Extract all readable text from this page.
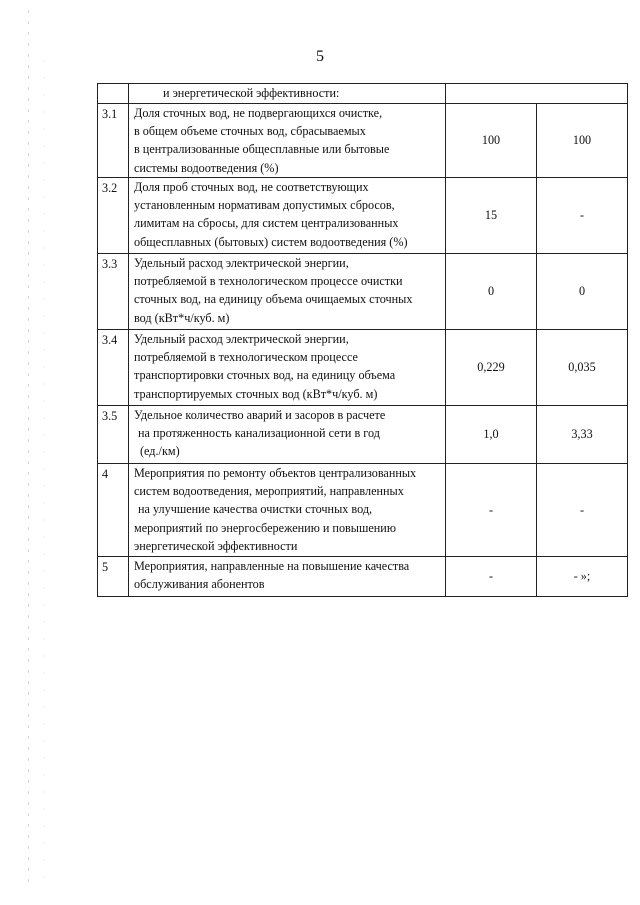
5

	и энергетической эффективности:		

3.1	Доля сточных вод, не подвергающихся очистке,
в общем объеме сточных вод, сбрасываемых
в централизованные общесплавные или бытовые
системы водоотведения (%)	100	100
3.2	Доля проб сточных вод, не соответствующих
установленным нормативам допустимых сбросов,
лимитам на сбросы, для систем централизованных
общесплавных (бытовых) систем водоотведения (%)	15	-
3.3	Удельный расход электрической энергии,
потребляемой в технологическом процессе очистки
сточных вод, на единицу объема очищаемых сточных
вод (кВт*ч/куб. м)	0	0
3.4	Удельный расход электрической энергии,
потребляемой в технологическом процессе
транспортировки сточных вод, на единицу объема
транспортируемых сточных вод (кВт*ч/куб. м)	0,229	0,035
3.5	Удельное количество аварий и засоров в расчете
на протяженность канализационной сети в год
(ед./км)	1,0	3,33
4	Мероприятия по ремонту объектов централизованных
систем водоотведения, мероприятий, направленных
на улучшение качества очистки сточных вод,
мероприятий по энергосбережению и повышению
энергетической эффективности	-	-
5	Мероприятия, направленные на повышение качества
обслуживания абонентов	-	- »;
